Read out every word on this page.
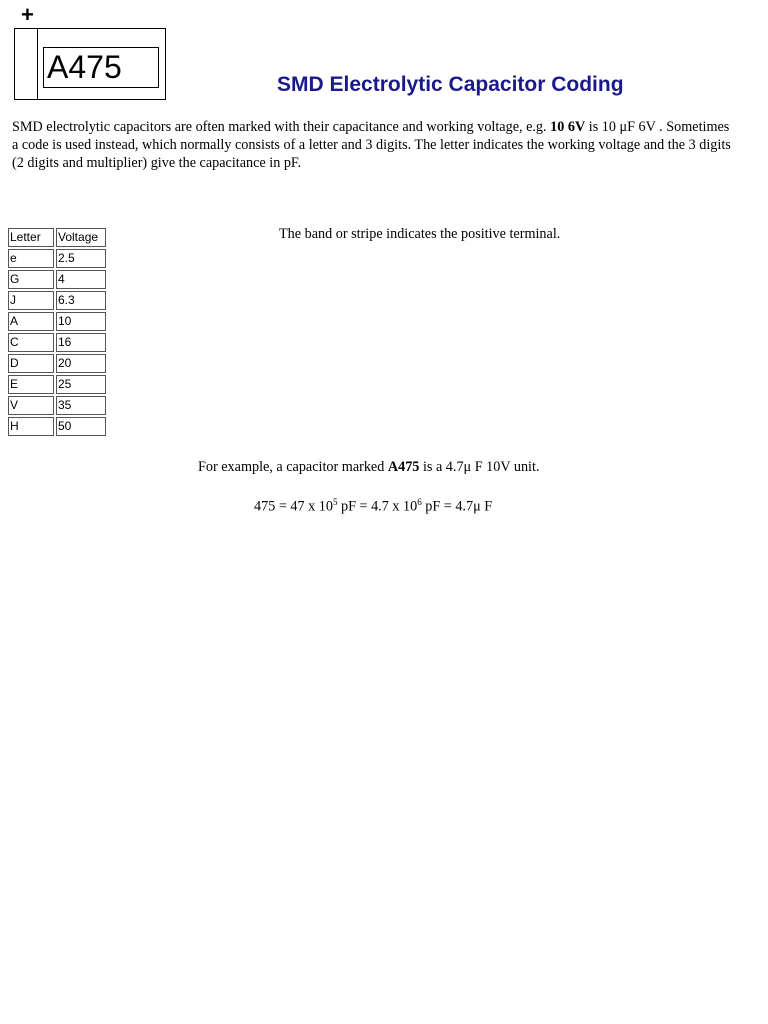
+
A475	SMD Electrolytic Capacitor Coding

SMD electrolytic capacitors are often marked with their capacitance and working voltage, e.g. 10 6V is 10 μF 6V . Sometimes a code is used instead, which normally consists of a letter and 3 digits. The letter indicates the working voltage and the 3 digits (2 digits and multiplier) give the capacitance in pF.

Letter	Voltage
e	2.5
G	4
J	6.3
A	10
C	16
D	20
E	25
V	35
H	50
The band or stripe indicates the positive terminal.
For example, a capacitor marked A475 is a 4.7μ F 10V unit.
475 = 47 x $10^5$ pF = 4.7 x $10^6$ pF = 4.7μ F
